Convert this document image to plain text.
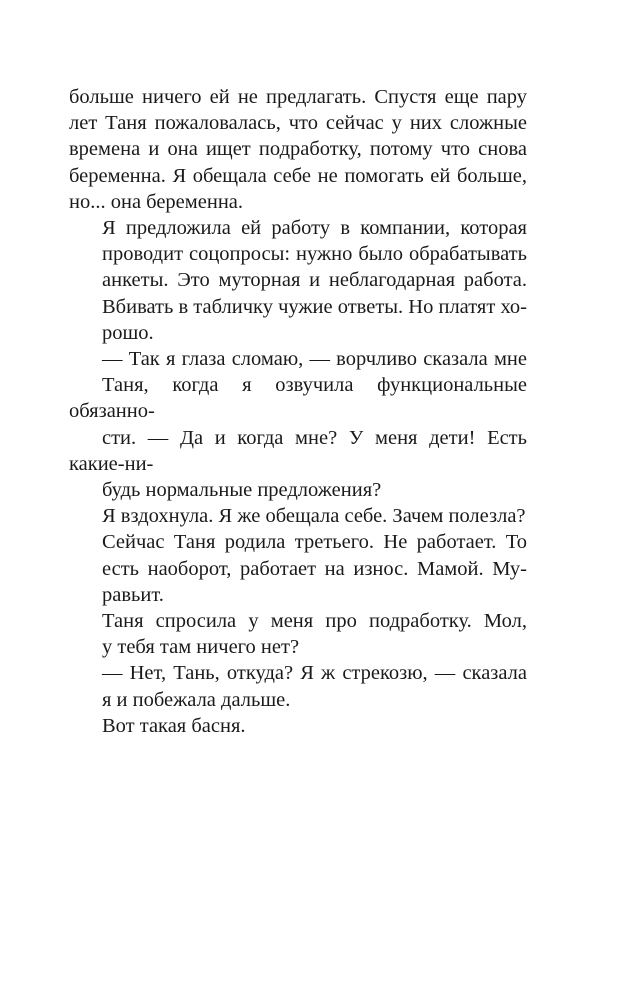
больше ничего ей не предлагать. Спустя еще пару
лет Таня пожаловалась, что сейчас у них сложные
времена и она ищет подработку, потому что снова
беременна. Я обещала себе не помогать ей больше,
но... она беременна.

Я предложила ей работу в компании, которая
проводит соцопросы: нужно было обрабатывать
анкеты. Это муторная и неблагодарная работа.
Вбивать в табличку чужие ответы. Но платят хо-
рошо.

— Так я глаза сломаю, — ворчливо сказала мне
Таня, когда я озвучила функциональные обязанно-
сти. — Да и когда мне? У меня дети! Есть какие-ни-
будь нормальные предложения?

Я вздохнула. Я же обещала себе. Зачем полезла?

Сейчас Таня родила третьего. Не работает. То
есть наоборот, работает на износ. Мамой. Му-
равьит.

Таня спросила у меня про подработку. Мол,
у тебя там ничего нет?

— Нет, Тань, откуда? Я ж стрекозю, — сказала
я и побежала дальше.

Вот такая басня.
